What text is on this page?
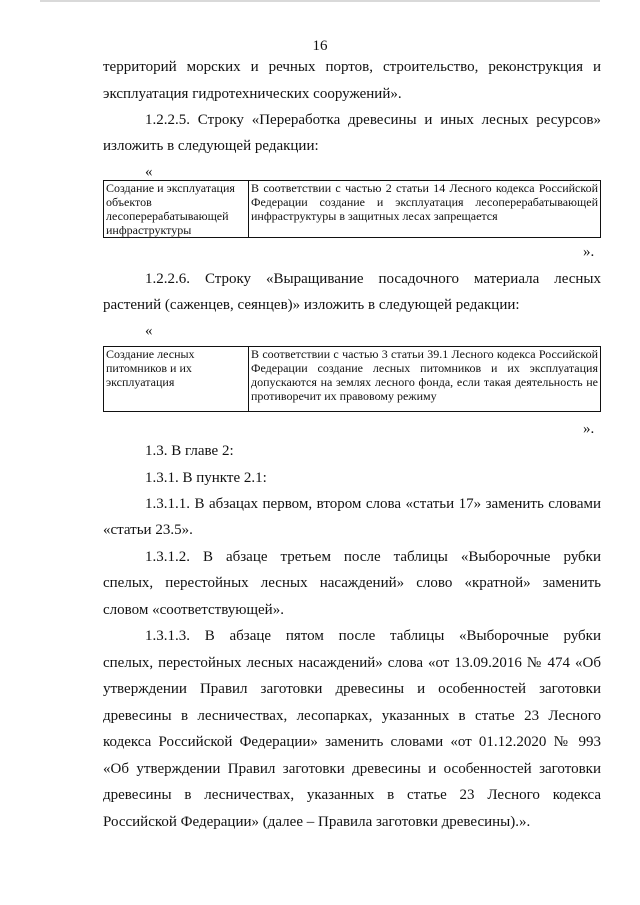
16
территорий морских и речных портов, строительство, реконструкция и
эксплуатация гидротехнических сооружений».
1.2.2.5. Строку «Переработка древесины и иных лесных ресурсов»
изложить в следующей редакции:
«
Создание и эксплуатация объектов лесоперерабатывающей инфраструктуры	В соответствии с частью 2 статьи 14 Лесного кодекса Российской Федерации создание и эксплуатация лесоперерабатывающей инфраструктуры в защитных лесах запрещается
».
1.2.2.6. Строку «Выращивание посадочного материала лесных
растений (саженцев, сеянцев)» изложить в следующей редакции:
«
Создание лесных питомников и их эксплуатация	В соответствии с частью 3 статьи 39.1 Лесного кодекса Российской Федерации создание лесных питомников и их эксплуатация допускаются на землях лесного фонда, если такая деятельность не противоречит их правовому режиму
».
1.3. В главе 2:
1.3.1. В пункте 2.1:
1.3.1.1. В абзацах первом, втором слова «статьи 17» заменить словами
«статьи 23.5».
1.3.1.2. В абзаце третьем после таблицы «Выборочные рубки
спелых, перестойных лесных насаждений» слово «кратной» заменить
словом «соответствующей».
1.3.1.3. В абзаце пятом после таблицы «Выборочные рубки
спелых, перестойных лесных насаждений» слова «от 13.09.2016 № 474 «Об
утверждении Правил заготовки древесины и особенностей заготовки
древесины в лесничествах, лесопарках, указанных в статье 23 Лесного
кодекса Российской Федерации» заменить словами «от 01.12.2020 № 993
«Об утверждении Правил заготовки древесины и особенностей заготовки
древесины в лесничествах, указанных в статье 23 Лесного кодекса
Российской Федерации» (далее – Правила заготовки древесины).».
